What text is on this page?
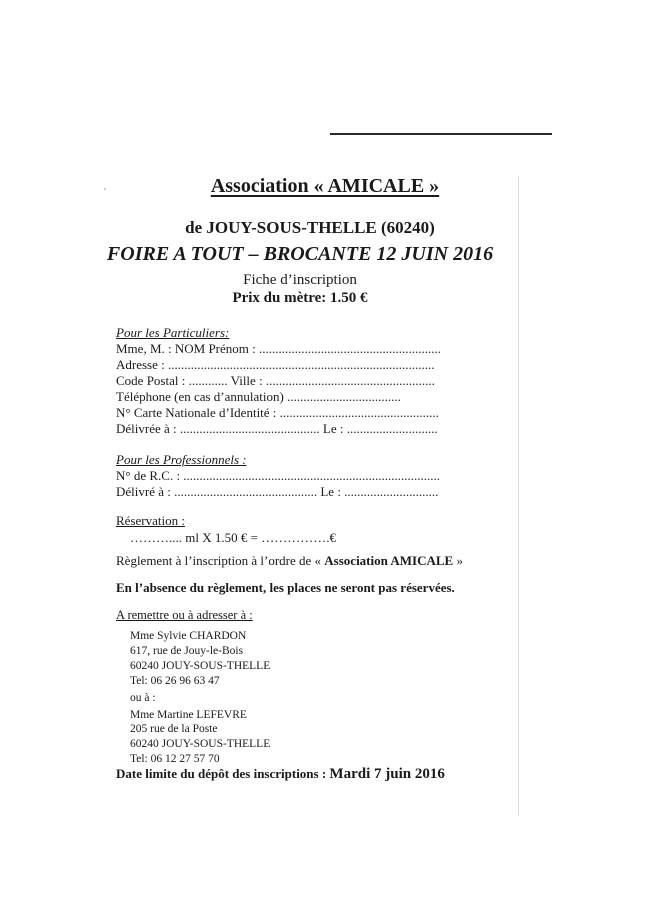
Association « AMICALE »
de JOUY-SOUS-THELLE (60240)
FOIRE A TOUT – BROCANTE 12 JUIN 2016
Fiche d’inscription
Prix du mètre: 1.50 €
Pour les Particuliers:
Mme, M. : NOM Prénom : ........................................................
Adresse : ..................................................................................
Code Postal : ............ Ville : ....................................................
Téléphone (en cas d’annulation) ...................................
N° Carte Nationale d’Identité : .................................................
Délivrée à : ........................................... Le : ............................
Pour les Professionnels :
N° de R.C. : ...............................................................................
Délivré à : ............................................ Le : .............................
Réservation :
……….... ml X 1.50 € = …………….€
Règlement à l’inscription à l’ordre de « Association AMICALE »
En l’absence du règlement, les places ne seront pas réservées.
A remettre ou à adresser à :
Mme Sylvie CHARDON
617, rue de Jouy-le-Bois
60240 JOUY-SOUS-THELLE
Tel: 06 26 96 63 47
ou à :
Mme Martine LEFEVRE
205 rue de la Poste
60240 JOUY-SOUS-THELLE
Tel: 06 12 27 57 70
Date limite du dépôt des inscriptions : Mardi 7 juin 2016
